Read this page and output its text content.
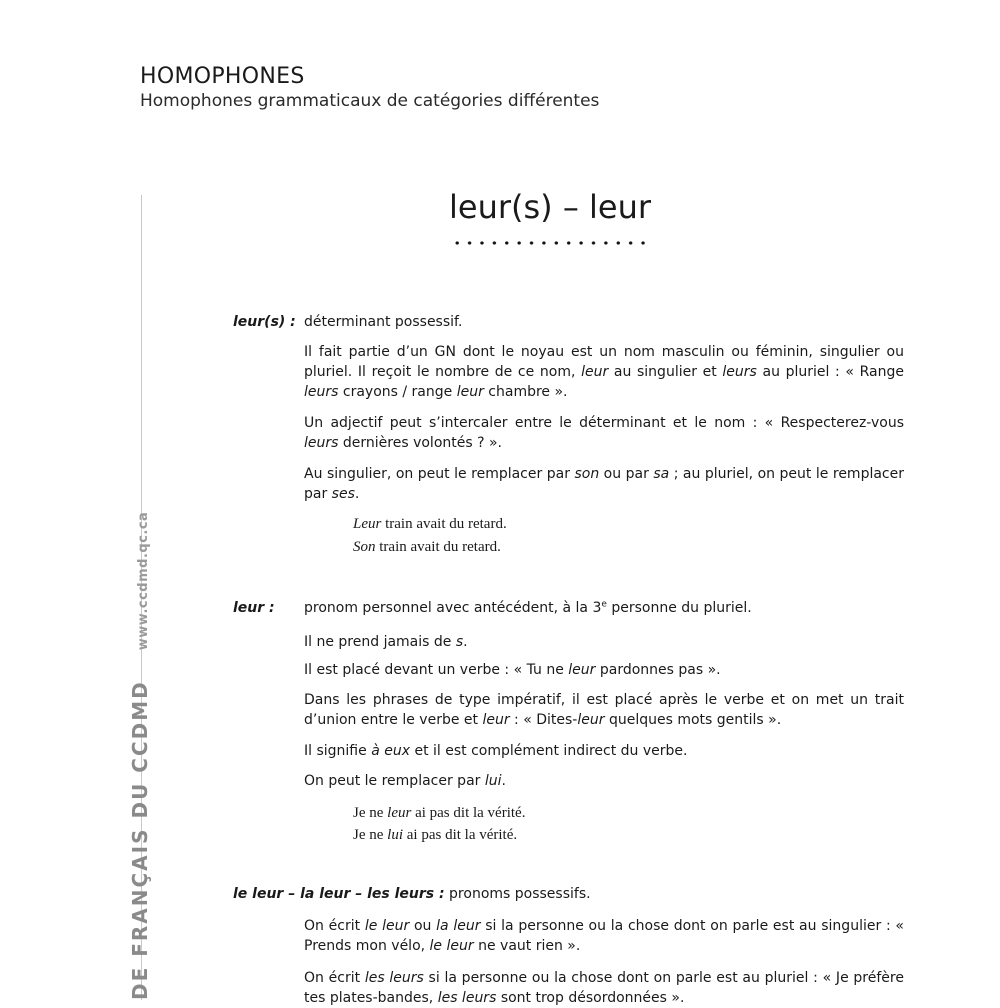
HOMOPHONES
Homophones grammaticaux de catégories différentes
DE FRANÇAIS DU CCDMDwww.ccdmd.qc.ca
leur(s) – leur
leur(s) : déterminant possessif.
Il fait partie d’un GN dont le noyau est un nom masculin ou féminin, singulier ou pluriel. Il reçoit le nombre de ce nom, leur au singulier et leurs au pluriel : « Range leurs crayons / range leur chambre ».
Un adjectif peut s’intercaler entre le déterminant et le nom : « Respecterez-vous leurs dernières volontés ? ».
Au singulier, on peut le remplacer par son ou par sa ; au pluriel, on peut le remplacer par ses.
Leur train avait du retard.
Son train avait du retard.
leur : pronom personnel avec antécédent, à la 3e personne du pluriel.
Il ne prend jamais de s.
Il est placé devant un verbe : « Tu ne leur pardonnes pas ».
Dans les phrases de type impératif, il est placé après le verbe et on met un trait d’union entre le verbe et leur : « Dites-leur quelques mots gentils ».
Il signifie à eux et il est complément indirect du verbe.
On peut le remplacer par lui.
Je ne leur ai pas dit la vérité.
Je ne lui ai pas dit la vérité.
le leur – la leur – les leurs : pronoms possessifs.
On écrit le leur ou la leur si la personne ou la chose dont on parle est au singulier : « Prends mon vélo, le leur ne vaut rien ».
On écrit les leurs si la personne ou la chose dont on parle est au pluriel : « Je préfère tes plates-bandes, les leurs sont trop désordonnées ».
